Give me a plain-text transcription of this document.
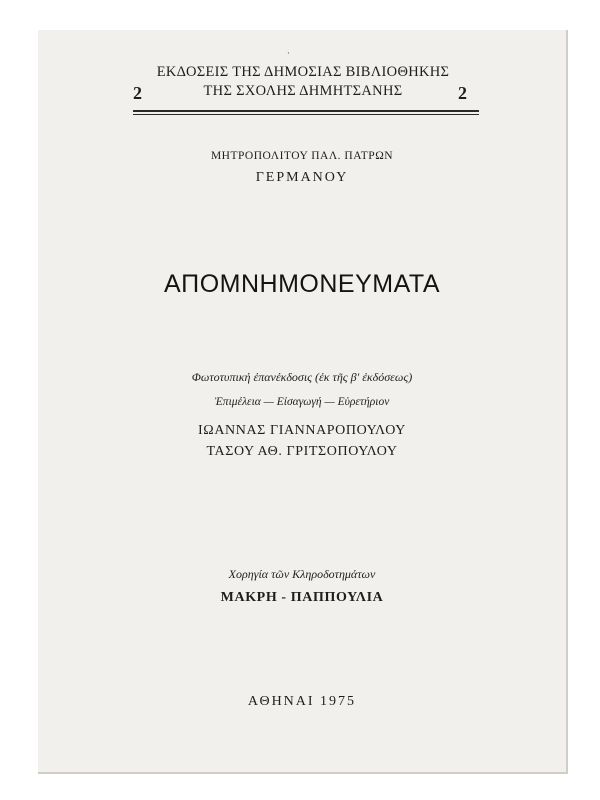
·
ΕΚΔΟΣΕΙΣ ΤΗΣ ΔΗΜΟΣΙΑΣ ΒΙΒΛΙΟΘΗΚΗΣ
ΤΗΣ ΣΧΟΛΗΣ ΔΗΜΗΤΣΑΝΗΣ
2	2
ΜΗΤΡΟΠΟΛΙΤΟΥ ΠΑΛ. ΠΑΤΡΩΝ
ΓΕΡΜΑΝΟΥ
ΑΠΟΜΝΗΜΟΝΕΥΜΑΤΑ
Φωτοτυπική ἐπανέκδοσις (ἐκ τῆς β' ἐκδόσεως)
Ἐπιμέλεια — Εἰσαγωγή — Εὑρετήριον
ΙΩΑΝΝΑΣ ΓΙΑΝΝΑΡΟΠΟΥΛΟΥ
ΤΑΣΟΥ ΑΘ. ΓΡΙΤΣΟΠΟΥΛΟΥ
Χορηγία τῶν Κληροδοτημάτων
ΜΑΚΡΗ - ΠΑΠΠΟΥΛΙΑ
ΑΘΗΝΑΙ 1975
